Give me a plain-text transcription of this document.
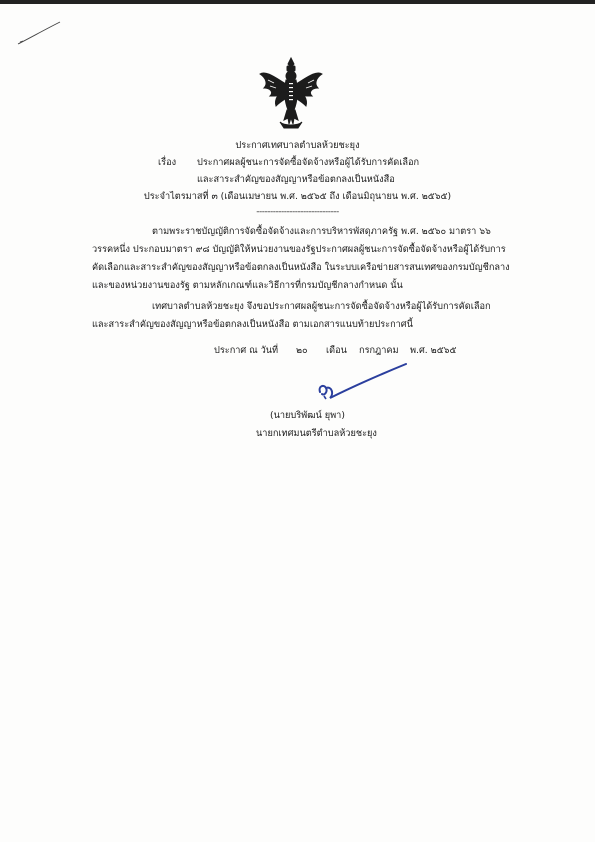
ประกาศเทศบาลตำบลห้วยชะยุง
เรื่อง ประกาศผลผู้ชนะการจัดซื้อจัดจ้างหรือผู้ได้รับการคัดเลือก
และสาระสำคัญของสัญญาหรือข้อตกลงเป็นหนังสือ
ประจำไตรมาสที่ ๓ (เดือนเมษายน พ.ศ. ๒๕๖๕ ถึง เดือนมิถุนายน พ.ศ. ๒๕๖๕)
------------------------------
ตามพระราชบัญญัติการจัดซื้อจัดจ้างและการบริหารพัสดุภาครัฐ พ.ศ. ๒๕๖๐ มาตรา ๖๖
วรรคหนึ่ง ประกอบมาตรา ๙๘ บัญญัติให้หน่วยงานของรัฐประกาศผลผู้ชนะการจัดซื้อจัดจ้างหรือผู้ได้รับการ
คัดเลือกและสาระสำคัญของสัญญาหรือข้อตกลงเป็นหนังสือ ในระบบเครือข่ายสารสนเทศของกรมบัญชีกลาง
และของหน่วยงานของรัฐ ตามหลักเกณฑ์และวิธีการที่กรมบัญชีกลางกำหนด นั้น
เทศบาลตำบลห้วยชะยุง จึงขอประกาศผลผู้ชนะการจัดซื้อจัดจ้างหรือผู้ได้รับการคัดเลือก
และสาระสำคัญของสัญญาหรือข้อตกลงเป็นหนังสือ ตามเอกสารแนบท้ายประกาศนี้
ประกาศ ณ วันที่ ๒๐ เดือน กรกฎาคม พ.ศ. ๒๕๖๕
(นายบริพัฒน์ ยุพา)
นายกเทศมนตรีตำบลห้วยชะยุง
